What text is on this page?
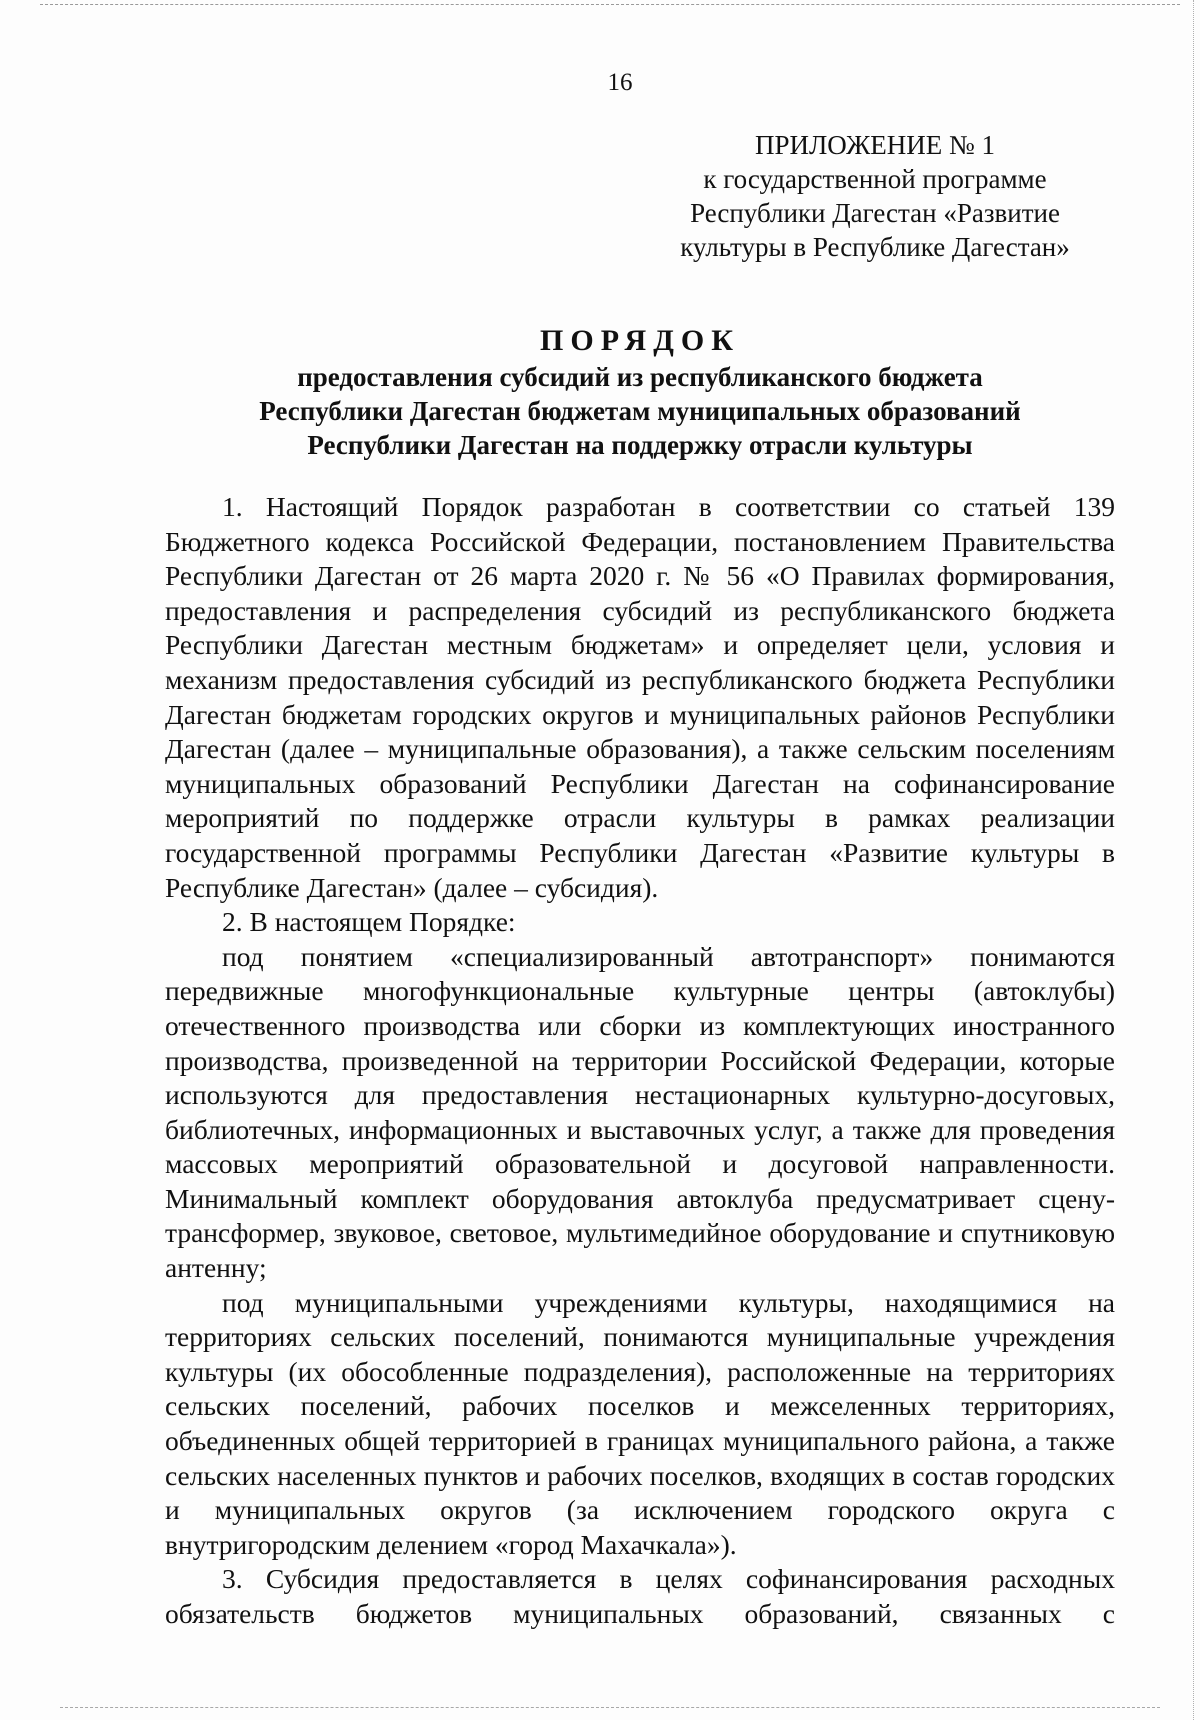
16
ПРИЛОЖЕНИЕ № 1
к государственной программе
Республики Дагестан «Развитие
культуры в Республике Дагестан»
ПОРЯДОК
предоставления субсидий из республиканского бюджета
Республики Дагестан бюджетам муниципальных образований
Республики Дагестан на поддержку отрасли культуры

1. Настоящий Порядок разработан в соответствии со статьей 139 Бюджетного кодекса Российской Федерации, постановлением Правительства Республики Дагестан от 26 марта 2020 г. № 56 «О Правилах формирования, предоставления и распределения субсидий из республиканского бюджета Республики Дагестан местным бюджетам» и определяет цели, условия и механизм предоставления субсидий из республиканского бюджета Республики Дагестан бюджетам городских округов и муниципальных районов Республики Дагестан (далее – муниципальные образования), а также сельским поселениям муниципальных образований Республики Дагестан на софинансирование мероприятий по поддержке отрасли культуры в рамках реализации государственной программы Республики Дагестан «Развитие культуры в Республике Дагестан» (далее – субсидия).

2. В настоящем Порядке:

под понятием «специализированный автотранспорт» понимаются передвижные многофункциональные культурные центры (автоклубы) отечественного производства или сборки из комплектующих иностранного производства, произведенной на территории Российской Федерации, которые используются для предоставления нестационарных культурно-досуговых, библиотечных, информационных и выставочных услуг, а также для проведения массовых мероприятий образовательной и досуговой направленности. Минимальный комплект оборудования автоклуба предусматривает сцену-трансформер, звуковое, световое, мультимедийное оборудование и спутниковую антенну;

под муниципальными учреждениями культуры, находящимися на территориях сельских поселений, понимаются муниципальные учреждения культуры (их обособленные подразделения), расположенные на территориях сельских поселений, рабочих поселков и межселенных территориях, объединенных общей территорией в границах муниципального района, а также сельских населенных пунктов и рабочих поселков, входящих в состав городских и муниципальных округов (за исключением городского округа с внутригородским делением «город Махачкала»).

3. Субсидия предоставляется в целях софинансирования расходных обязательств бюджетов муниципальных образований, связанных с
